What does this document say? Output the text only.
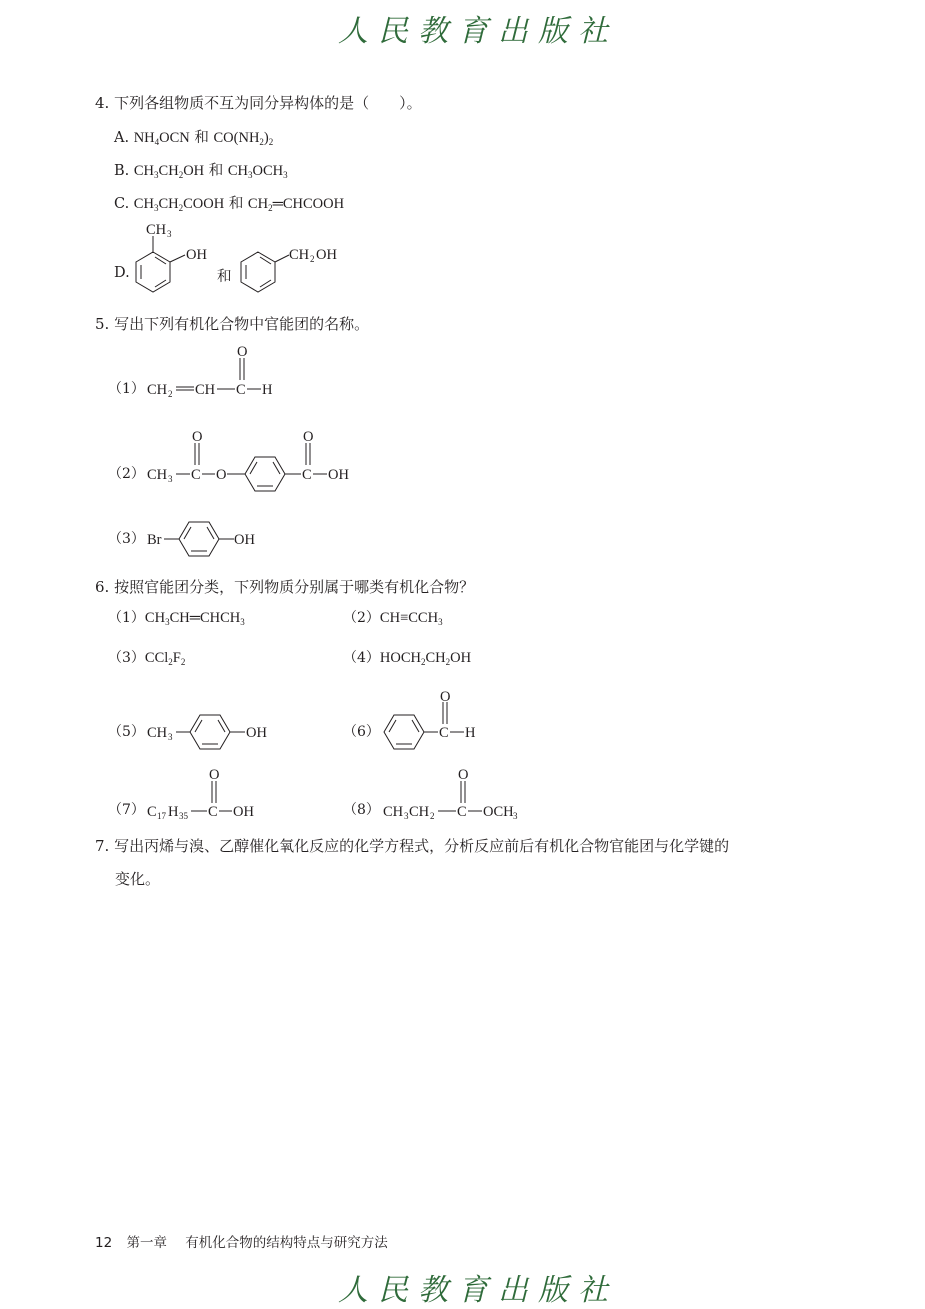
人民教育出版社
4. 下列各组物质不互为同分异构体的是（　　）。
A. $NH_4OCN$ 和 $CO(NH_2)_2$
B. $CH_3CH_2OH$ 和 $CH_3OCH_3$
C. $CH_3CH_2COOH$ 和 $CH_2═CHCOOH$
D.	和
CH 3
OH	CH 2 OH
5. 写出下列有机化合物中官能团的名称。
（1） CH 2 CH C
O
H
（2） CH 3 C
O
O	C
O
OH
（3） Br	OH
6. 按照官能团分类，下列物质分别属于哪类有机化合物？
$(1)CH_3CH═CHCH_3$	$(2)CH\equiv CCH_3$
$(3)CCl_2F_2$	$(4)HOCH_2CH_2OH$
（5） CH 3	OH	（6）	C
O
H
（7） C 17 H 35 C
O
OH	（8） CH 3 CH 2 C
O
OCH 3
7. 写出丙烯与溴、乙醇催化氧化反应的化学方程式，分析反应前后有机化合物官能团与化学键的
变化。
12 第一章 有机化合物的结构特点与研究方法
人民教育出版社
